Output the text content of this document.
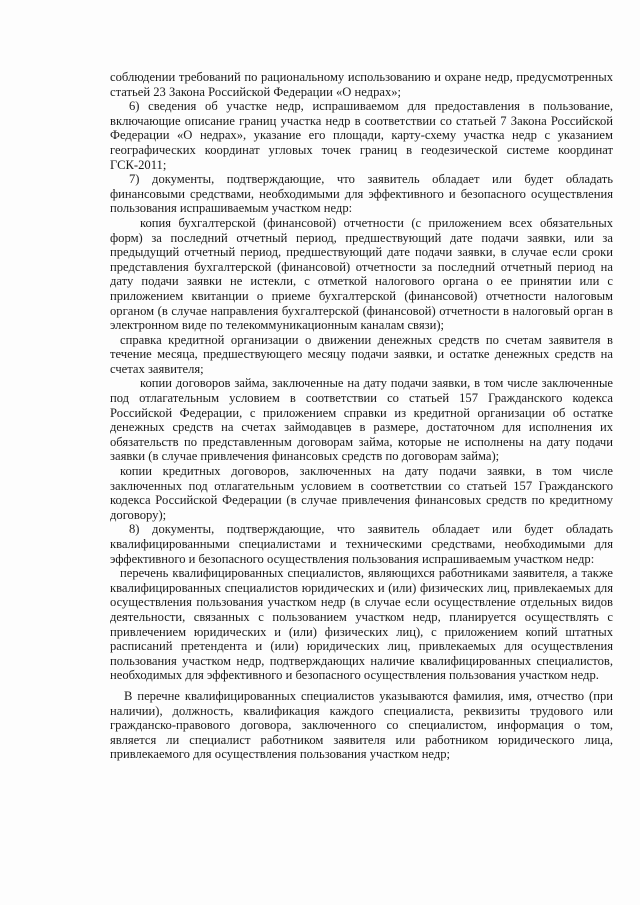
соблюдении требований по рациональному использованию и охране недр, предусмотренных статьей 23 Закона Российской Федерации «О недрах»;

6) сведения об участке недр, испрашиваемом для предоставления в пользование, включающие описание границ участка недр в соответствии со статьей 7 Закона Российской Федерации «О недрах», указание его площади, карту-схему участка недр с указанием географических координат угловых точек границ в геодезической системе координат ГСК-2011;

7) документы, подтверждающие, что заявитель обладает или будет обладать финансовыми средствами, необходимыми для эффективного и безопасного осуществления пользования испрашиваемым участком недр:

копия бухгалтерской (финансовой) отчетности (с приложением всех обязательных форм) за последний отчетный период, предшествующий дате подачи заявки, или за предыдущий отчетный период, предшествующий дате подачи заявки, в случае если сроки представления бухгалтерской (финансовой) отчетности за последний отчетный период на дату подачи заявки не истекли, с отметкой налогового органа о ее принятии или с приложением квитанции о приеме бухгалтерской (финансовой) отчетности налоговым органом (в случае направления бухгалтерской (финансовой) отчетности в налоговый орган в электронном виде по телекоммуникационным каналам связи);

справка кредитной организации о движении денежных средств по счетам заявителя в течение месяца, предшествующего месяцу подачи заявки, и остатке денежных средств на счетах заявителя;

копии договоров займа, заключенные на дату подачи заявки, в том числе заключенные под отлагательным условием в соответствии со статьей 157 Гражданского кодекса Российской Федерации, с приложением справки из кредитной организации об остатке денежных средств на счетах займодавцев в размере, достаточном для исполнения их обязательств по представленным договорам займа, которые не исполнены на дату подачи заявки (в случае привлечения финансовых средств по договорам займа);

копии кредитных договоров, заключенных на дату подачи заявки, в том числе заключенных под отлагательным условием в соответствии со статьей 157 Гражданского кодекса Российской Федерации (в случае привлечения финансовых средств по кредитному договору);

8) документы, подтверждающие, что заявитель обладает или будет обладать квалифицированными специалистами и техническими средствами, необходимыми для эффективного и безопасного осуществления пользования испрашиваемым участком недр:

перечень квалифицированных специалистов, являющихся работниками заявителя, а также квалифицированных специалистов юридических и (или) физических лиц, привлекаемых для осуществления пользования участком недр (в случае если осуществление отдельных видов деятельности, связанных с пользованием участком недр, планируется осуществлять с привлечением юридических и (или) физических лиц), с приложением копий штатных расписаний претендента и (или) юридических лиц, привлекаемых для осуществления пользования участком недр, подтверждающих наличие квалифицированных специалистов, необходимых для эффективного и безопасного осуществления пользования участком недр.

В перечне квалифицированных специалистов указываются фамилия, имя, отчество (при наличии), должность, квалификация каждого специалиста, реквизиты трудового или гражданско-правового договора, заключенного со специалистом, информация о том, является ли специалист работником заявителя или работником юридического лица, привлекаемого для осуществления пользования участком недр;
